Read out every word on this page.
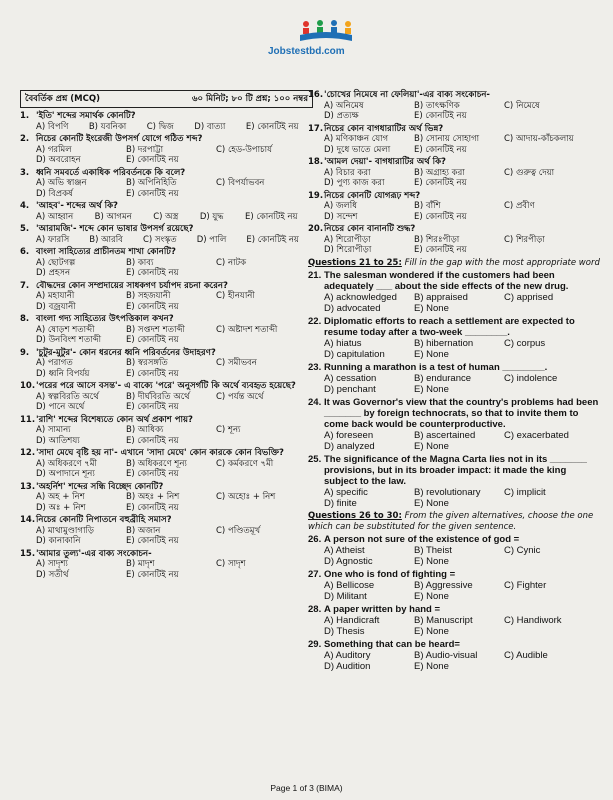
Jobstestbd.com
বৈবর্তিক প্রশ্ন (MCQ)	৬০ মিনিট; ৮০ টি প্রশ্ন; ১০০ নম্বর
1. 'ইতি' শব্দের সমার্থক কোনটি?
A) বিপণি	B) যবনিকা	C) দ্বিজ	D) বাত্যা	E) কোনটিই নয়
2. নিচের কোনটি ইংরেজী উপসর্গ যোগে গঠিত শব্দ?
A) গরমিল	B) দরপাট্টা	C) হেড-উপাচার্য
D) অবরোহন	E) কোনটিই নয়
3. ধ্বনি সমবর্তে একাধিক পরিবর্তনকে কি বলে?
A) অভি স্বাঞ্জন	B) অপিনিহিতি	C) বিপর্যাভবন
D) বিপ্রকর্ষ	E) কোনটিই নয়
4. 'আহব'- শব্দের অর্থ কি?
A) আহ্বান	B) আগমন	C) অস্ত্র	D) যুদ্ধ	E) কোনটিই নয়
5. 'আরামজি'- শব্দে কোন ভাষার উপসর্গ রয়েছে?
A) ফারসি	B) আরবি	C) সংস্কৃত	D) পালি	E) কোনটিই নয়
6. বাংলা সাহিত্যের প্রাচীনতম শাখা কোনটি?
A) ছোটগল্প	B) কাব্য	C) নাটক
D) প্রহসন	E) কোনটিই নয়
7. বৌদ্ধদের কোন সম্প্রদায়ের সাধকগণ চর্যাপদ রচনা করেন?
A) মহাযানী	B) সহজযানী	C) হীনযানী
D) বজ্রযানী	E) কোনটিই নয়
8. বাংলা গদ্য সাহিত্যের উৎপত্তিকাল কখন?
A) ষোড়শ শতাব্দী	B) সপ্তদশ শতাব্দী	C) অষ্টাদশ শতাব্দী
D) উনবিংশ শতাব্দী	E) কোনটিই নয়
9. 'চুটুর-মুটুর'- কোন ধরনের ধ্বনি পরিবর্তনের উদাহরণ?
A) পরাগত	B) স্বরসঙ্গতি	C) সমীভবন
D) ধ্বনি বিপর্যয়	E) কোনটিই নয়
10. 'পরের পরে আসে বসন্ত'- এ বাক্যে 'পরে' অনুসর্গটি কি অর্থে ব্যবহৃত হয়েছে?
A) স্বল্পবিরতি অর্থে	B) দীর্ঘবিরতি অর্থে	C) পর্যন্ত অর্থে
D) পানে অর্থে	E) কোনটিই নয়
11. 'রাশি' শব্দের বিশেষ্যতে কোন অর্থ প্রকাশ পায়?
A) সামান্য	B) আধিক্য	C) শূন্য
D) আতিশয্য	E) কোনটিই নয়
12. 'সাদা মেঘে বৃষ্টি হয় না'- এখানে 'সাদা মেঘে' কোন কারকে কোন বিভক্তি?
A) অধিকরণে ৭মী	B) অধিকরণে শূন্য	C) কর্মকরণে ৭মী
D) অপাদানে শূন্য	E) কোনটিই নয়
13. 'অহর্নিশ' শব্দের সন্ধি বিচ্ছেদ কোনটি?
A) অহ + নিশ	B) অহঃ + নিশ	C) অহোঃ + নিশ
D) অঃ + নিশ	E) কোনটিই নয়
14. নিচের কোনটি নিপাতনে বহুব্রীহি সমাস?
A) মাথামুণ্ডাগাড়ি	B) অজান	C) পণ্ডিতমূর্খ
D) কানাকানি	E) কোনটিই নয়
15. 'আমার তুল্য'-এর বাক্য সংকোচন-
A) সাদৃশ্য	B) মাদৃশ	C) সাদৃশ
D) সতীর্থ	E) কোনটিই নয়
16. 'চোখের নিমেষে না ফেলিয়া'-এর বাক্য সংকোচন-
A) অনিমেষ	B) তাৎক্ষণিক	C) নিমেষে
D) প্রত্যক্ষ	E) কোনটিই নয়
17. নিচের কোন বাগধারাটির অর্থ ভিন্ন?
A) মণিকাঞ্চন যোগ	B) সোনায় সোহাগা	C) আদায়-কাঁচকলায়
D) দুধে ভাতে মেলা	E) কোনটিই নয়
18. 'আমল দেয়া'- বাগধারাটির অর্থ কি?
A) বিচার করা	B) অগ্রাহ্য করা	C) গুরুত্ব দেয়া
D) পুণ্য কাজ করা	E) কোনটিই নয়
19. নিচের কোনটি যোগরূঢ় শব্দ?
A) জলধি	B) বাঁশি	C) প্রবীণ
D) সন্দেশ	E) কোনটিই নয়
20. নিচের কোন বানানটি শুদ্ধ?
A) শিরোপীড়া	B) শিরঃপীড়া	C) শিরপীড়া
D) শিরোপীড়া	E) কোনটিই নয়
Questions 21 to 25: Fill in the gap with the most appropriate word
21. The salesman wondered if the customers had been adequately ___ about the side effects of the new drug.
A) acknowledged	B) appraised	C) apprised
D) advocated	E) None
22. Diplomatic efforts to reach a settlement are expected to resume today after a two-week ________.
A) hiatus	B) hibernation	C) corpus
D) capitulation	E) None
23. Running a marathon is a test of human ________.
A) cessation	B) endurance	C) indolence
D) penchant	E) None
24. It was Governor's view that the country's problems had been _______ by foreign technocrats, so that to invite them to come back would be counterproductive.
A) foreseen	B) ascertained	C) exacerbated
D) analyzed	E) None
25. The significance of the Magna Carta lies not in its _______ provisions, but in its broader impact: it made the king subject to the law.
A) specific	B) revolutionary	C) implicit
D) finite	E) None
Questions 26 to 30: From the given alternatives, choose the one which can be substituted for the given sentence.
26. A person not sure of the existence of god =
A) Atheist	B) Theist	C) Cynic
D) Agnostic	E) None
27. One who is fond of fighting =
A) Bellicose	B) Aggressive	C) Fighter
D) Militant	E) None
28. A paper written by hand =
A) Handicraft	B) Manuscript	C) Handiwork
D) Thesis	E) None
29. Something that can be heard=
A) Auditory	B) Audio-visual	C) Audible
D) Audition	E) None
Page 1 of 3 (BIMA)
